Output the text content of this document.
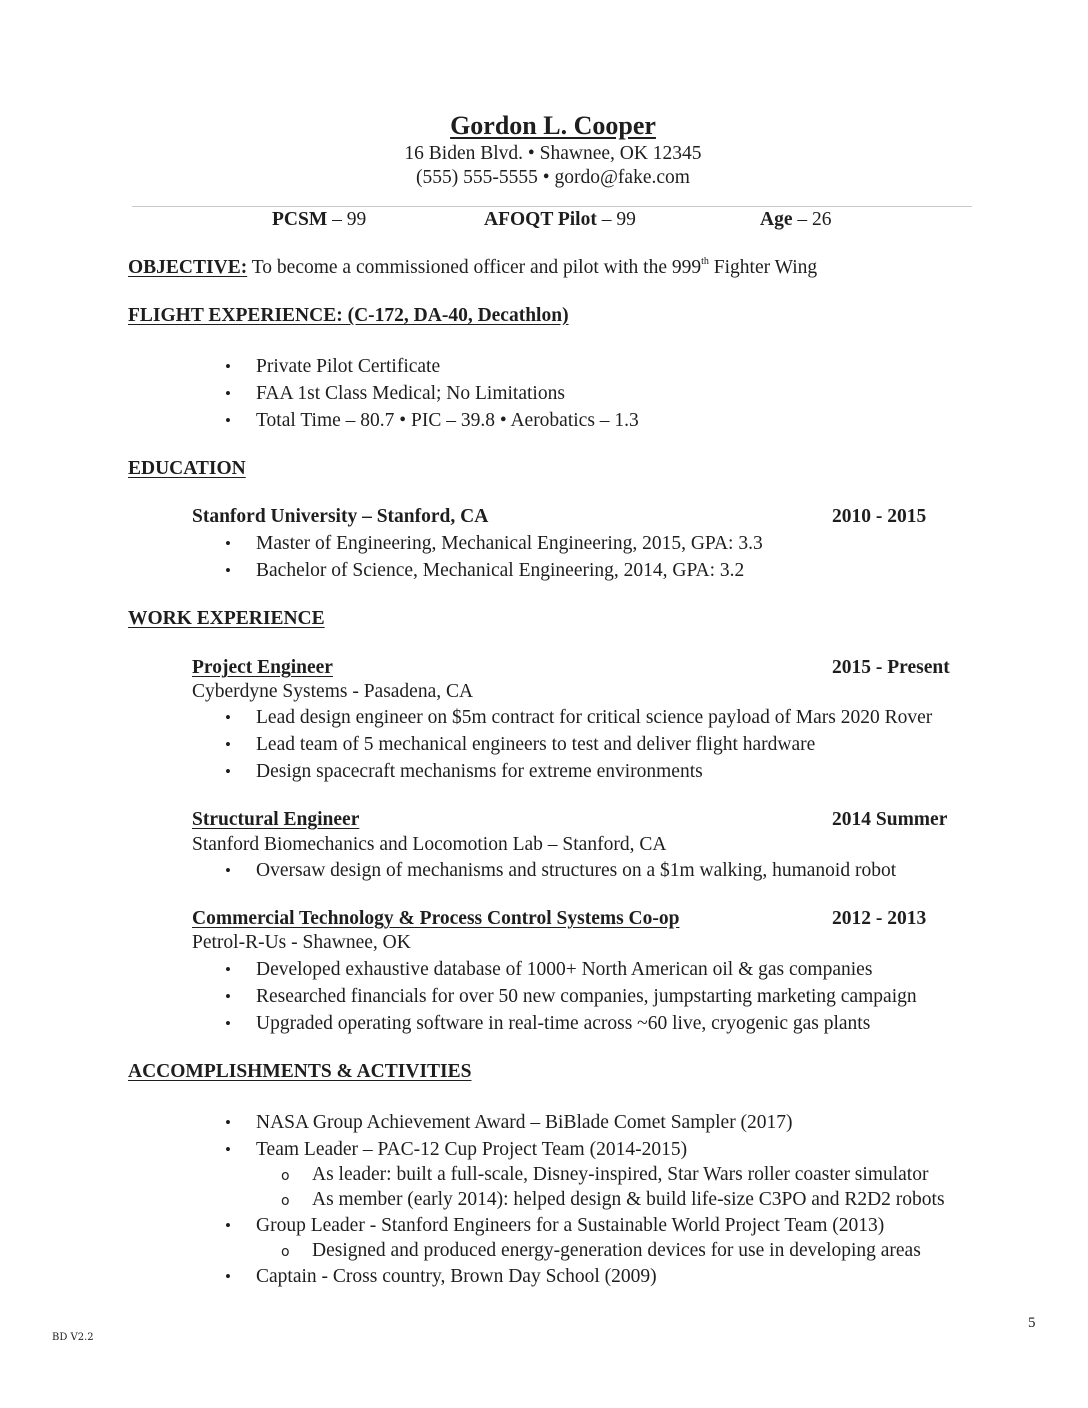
Gordon L. Cooper
16 Biden Blvd. • Shawnee, OK 12345
(555) 555-5555 • gordo@fake.com
PCSM – 99	AFOQT Pilot – 99	Age – 26
OBJECTIVE: To become a commissioned officer and pilot with the 999th Fighter Wing
FLIGHT EXPERIENCE: (C-172, DA-40, Decathlon)
• Private Pilot Certificate
• FAA 1st Class Medical; No Limitations
• Total Time – 80.7 • PIC – 39.8 • Aerobatics – 1.3
EDUCATION
Stanford University – Stanford, CA	2010 - 2015
• Master of Engineering, Mechanical Engineering, 2015, GPA: 3.3
• Bachelor of Science, Mechanical Engineering, 2014, GPA: 3.2
WORK EXPERIENCE
Project Engineer	2015 - Present
Cyberdyne Systems - Pasadena, CA
• Lead design engineer on $5m contract for critical science payload of Mars 2020 Rover
• Lead team of 5 mechanical engineers to test and deliver flight hardware
• Design spacecraft mechanisms for extreme environments
Structural Engineer	2014 Summer
Stanford Biomechanics and Locomotion Lab – Stanford, CA
• Oversaw design of mechanisms and structures on a $1m walking, humanoid robot
Commercial Technology & Process Control Systems Co-op	2012 - 2013
Petrol-R-Us - Shawnee, OK
• Developed exhaustive database of 1000+ North American oil & gas companies
• Researched financials for over 50 new companies, jumpstarting marketing campaign
• Upgraded operating software in real-time across ~60 live, cryogenic gas plants
ACCOMPLISHMENTS & ACTIVITIES
• NASA Group Achievement Award – BiBlade Comet Sampler (2017)
• Team Leader – PAC-12 Cup Project Team (2014-2015)
o As leader: built a full-scale, Disney-inspired, Star Wars roller coaster simulator
o As member (early 2014): helped design & build life-size C3PO and R2D2 robots
• Group Leader - Stanford Engineers for a Sustainable World Project Team (2013)
o Designed and produced energy-generation devices for use in developing areas
• Captain - Cross country, Brown Day School (2009)
5
BD V2.2
